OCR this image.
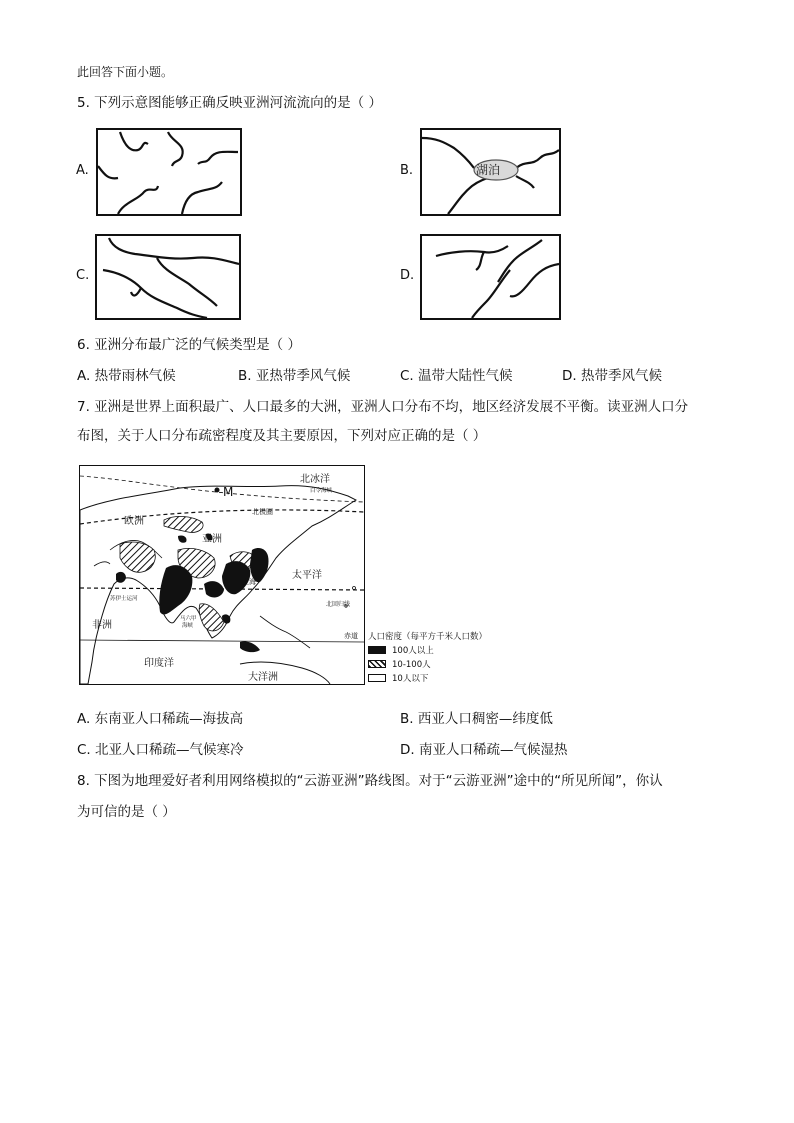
此回答下面小题。
5. 下列示意图能够正确反映亚洲河流流向的是（ ）
A.	B.	湖泊
C.	D.
6. 亚洲分布最广泛的气候类型是（ ）
A. 热带雨林气候	B. 亚热带季风气候	C. 温带大陆性气候	D. 热带季风气候
7. 亚洲是世界上面积最广、人口最多的大洲，亚洲人口分布不均，地区经济发展不平衡。读亚洲人口分
布图，关于人口分布疏密程度及其主要原因，下列对应正确的是（ ）
北冰洋
M	白令海峡
北极圈
欧洲
亚洲
太平洋
上海
苏伊士运河
北回归线
非洲
马六甲
海峡
赤道
印度洋
大洋洲
人口密度（每平方千米人口数）
100人以上
10-100人
10人以下
A. 东南亚人口稀疏—海拔高	B. 西亚人口稠密—纬度低
C. 北亚人口稀疏—气候寒冷	D. 南亚人口稀疏—气候湿热
8. 下图为地理爱好者利用网络模拟的“云游亚洲”路线图。对于“云游亚洲”途中的“所见所闻”，你认
为可信的是（ ）
